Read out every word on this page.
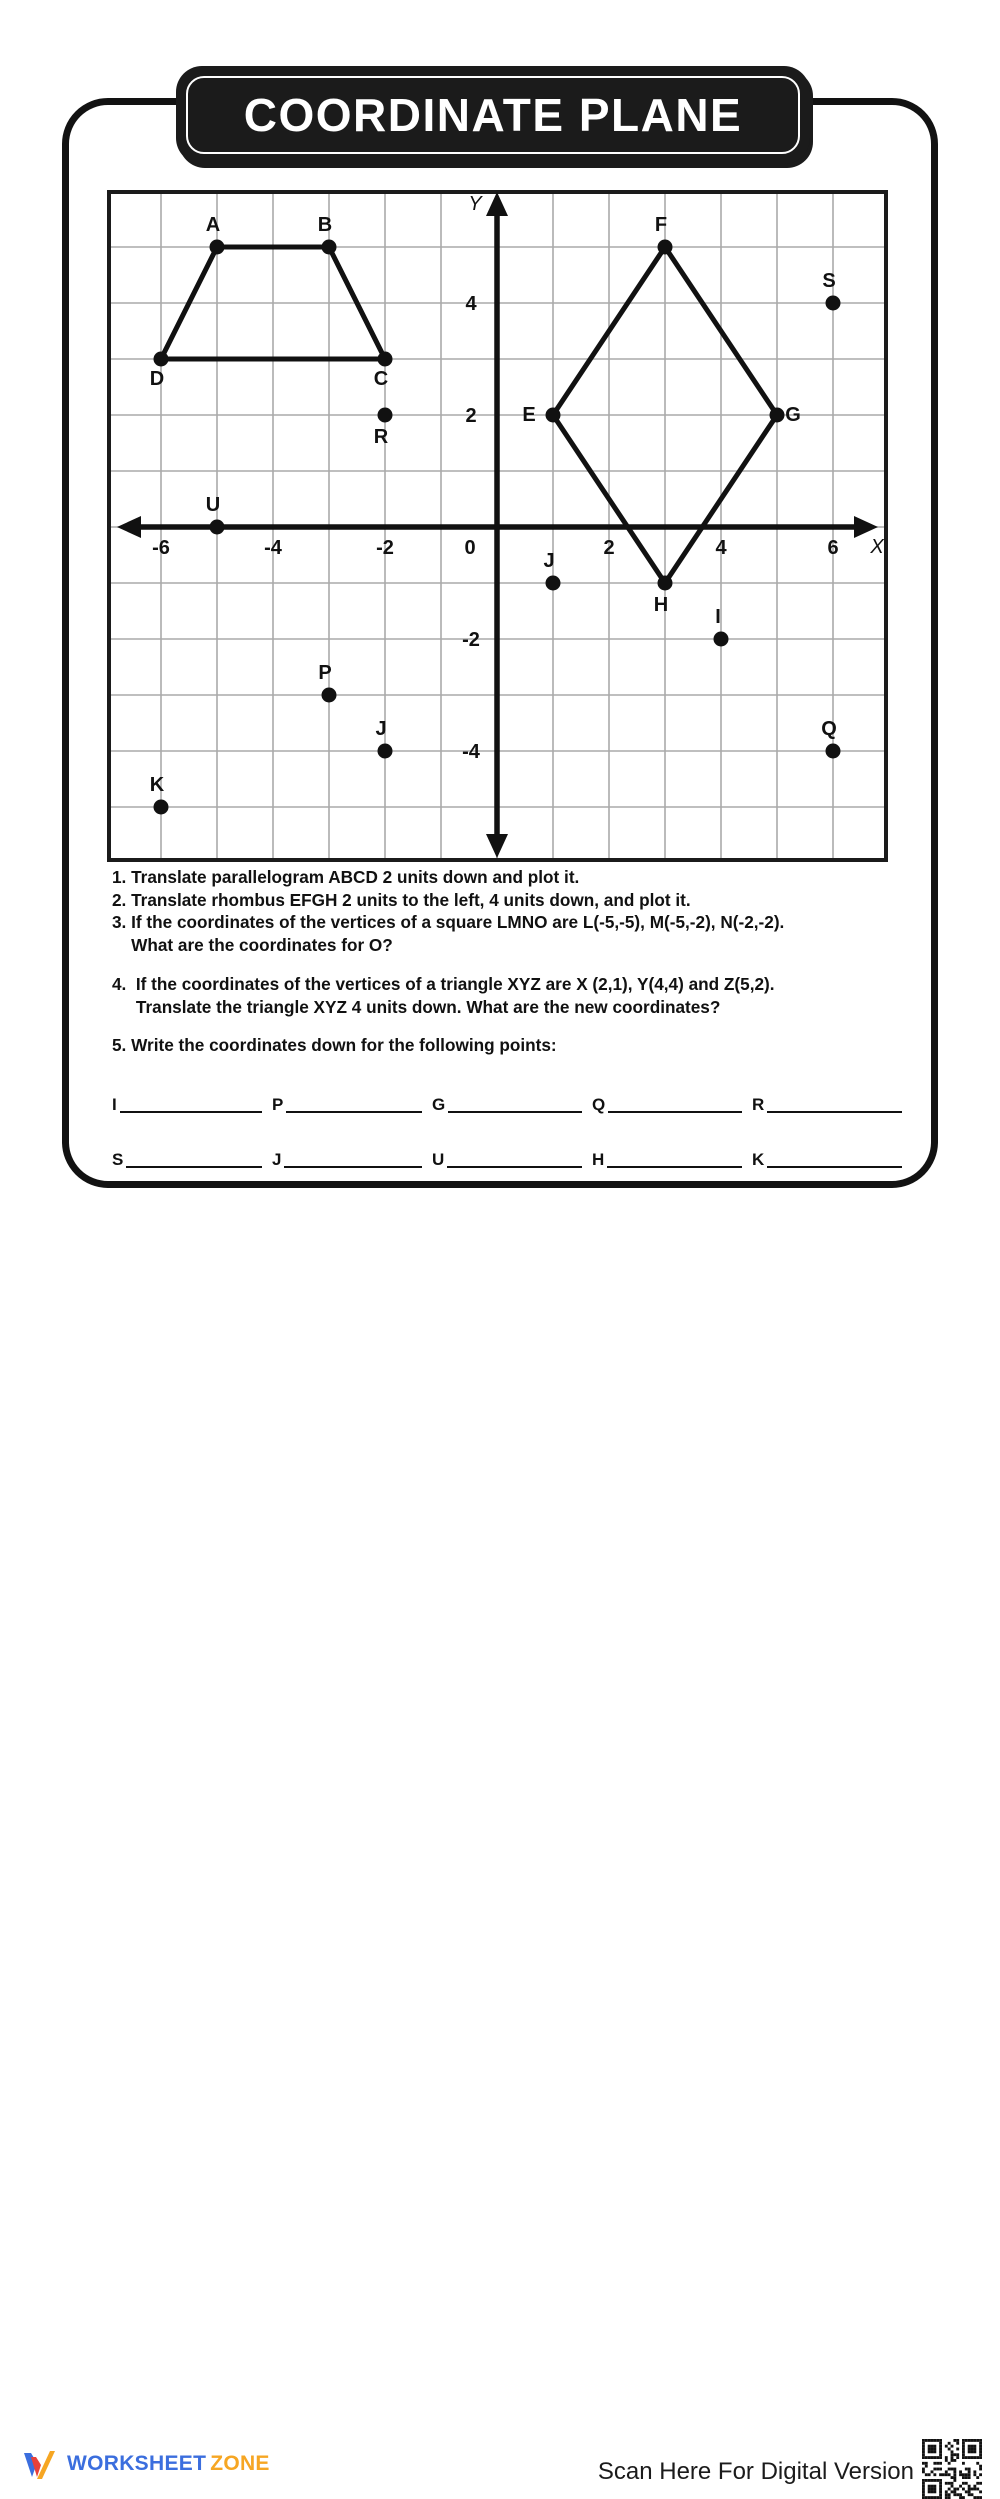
COORDINATE PLANE
A	B
C
D
E
F
G
H
I
J
J
K
P
Q
R
S
U
Y
X
0
-6	-4	-2	2	4	6
4
2
-2
-4
1. Translate parallelogram ABCD 2 units down and plot it.
2. Translate rhombus EFGH 2 units to the left, 4 units down, and plot it.
3. If the coordinates of the vertices of a square LMNO are L(-5,-5), M(-5,-2), N(-2,-2).
What are the coordinates for O?
4.  If the coordinates of the vertices of a triangle XYZ are X (2,1), Y(4,4) and Z(5,2).
Translate the triangle XYZ 4 units down. What are the new coordinates?
5. Write the coordinates down for the following points:
I	P	G	Q	R
S	J	U	H	K
WORKSHEET ZONE	Scan Here For Digital Version
